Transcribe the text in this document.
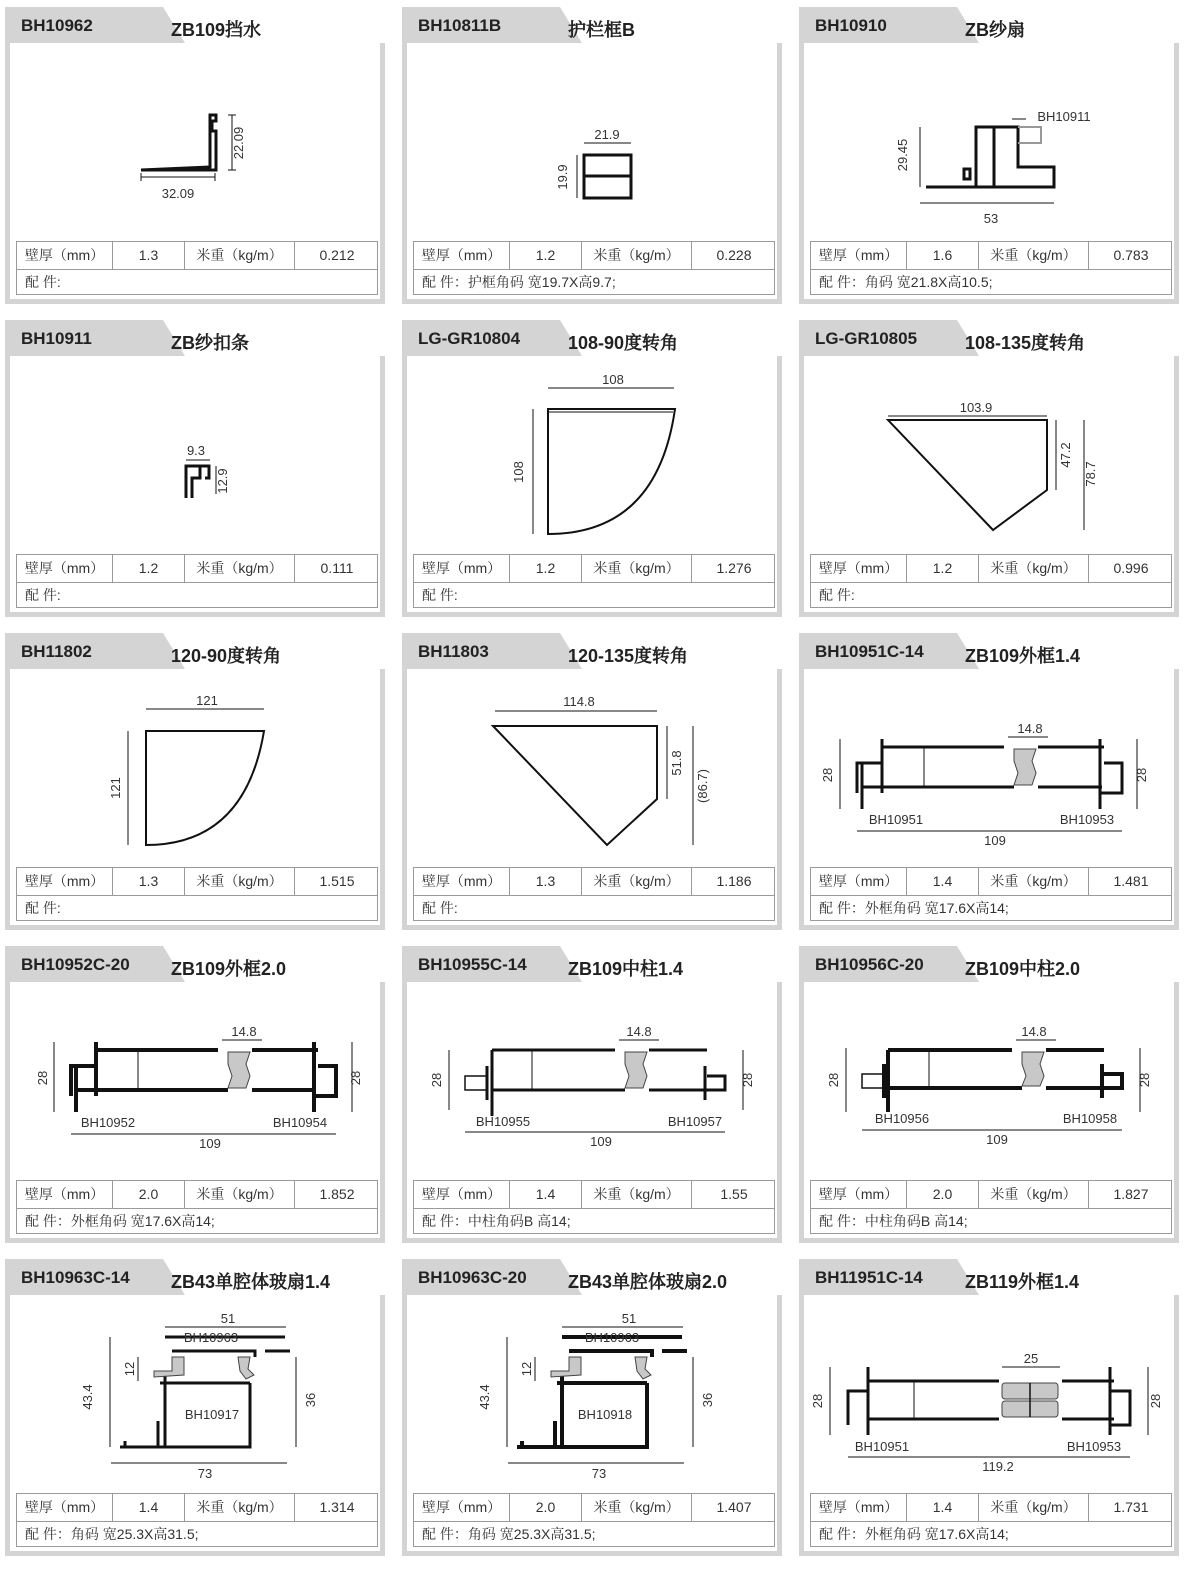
BH10962	ZB109挡水
22.09
32.09
壁厚（mm）	1.3	米重（kg/m）	0.212
配 件:
BH10811B	护栏框B
21.9
19.9
壁厚（mm）	1.2	米重（kg/m）	0.228
配 件：护框角码 宽19.7X高9.7;
BH10910	ZB纱扇
BH10911
29.45
53
壁厚（mm）	1.6	米重（kg/m）	0.783
配 件：角码 宽21.8X高10.5;
BH10911	ZB纱扣条
9.3
12.9
壁厚（mm）	1.2	米重（kg/m）	0.111
配 件:
LG-GR10804	108-90度转角
108
108
壁厚（mm）	1.2	米重（kg/m）	1.276
配 件:
LG-GR10805	108-135度转角
103.9
47.2
78.7
壁厚（mm）	1.2	米重（kg/m）	0.996
配 件:
BH11802	120-90度转角
121
121
壁厚（mm）	1.3	米重（kg/m）	1.515
配 件:
BH11803	120-135度转角
114.8
51.8
(86.7)
壁厚（mm）	1.3	米重（kg/m）	1.186
配 件:
BH10951C-14 ZB109外框1.4
14.8
28	28
BH10951	BH10953
109
壁厚（mm）	1.4	米重（kg/m）	1.481
配 件：外框角码 宽17.6X高14;
BH10952C-20 ZB109外框2.0
14.8
28	28
BH10952	BH10954
109
壁厚（mm）	2.0	米重（kg/m）	1.852
配 件：外框角码 宽17.6X高14;
BH10955C-14 ZB109中柱1.4
14.8
28	28
BH10955	BH10957
109
壁厚（mm）	1.4	米重（kg/m）	1.55
配 件：中柱角码B 高14;
BH10956C-20 ZB109中柱2.0
14.8
28	28
BH10956	BH10958
109
壁厚（mm）	2.0	米重（kg/m）	1.827
配 件：中柱角码B 高14;
BH10963C-14 ZB43单腔体玻扇1.4
51
BH10963
12
43.4	36
BH10917
73
壁厚（mm）	1.4	米重（kg/m）	1.314
配 件：角码 宽25.3X高31.5;
BH10963C-20 ZB43单腔体玻扇2.0
51
BH10963
12
43.4	36
BH10918
73
壁厚（mm）	2.0	米重（kg/m）	1.407
配 件：角码 宽25.3X高31.5;
BH11951C-14 ZB119外框1.4
25
28	28
BH10951	BH10953
119.2
壁厚（mm）	1.4	米重（kg/m）	1.731
配 件：外框角码 宽17.6X高14;
